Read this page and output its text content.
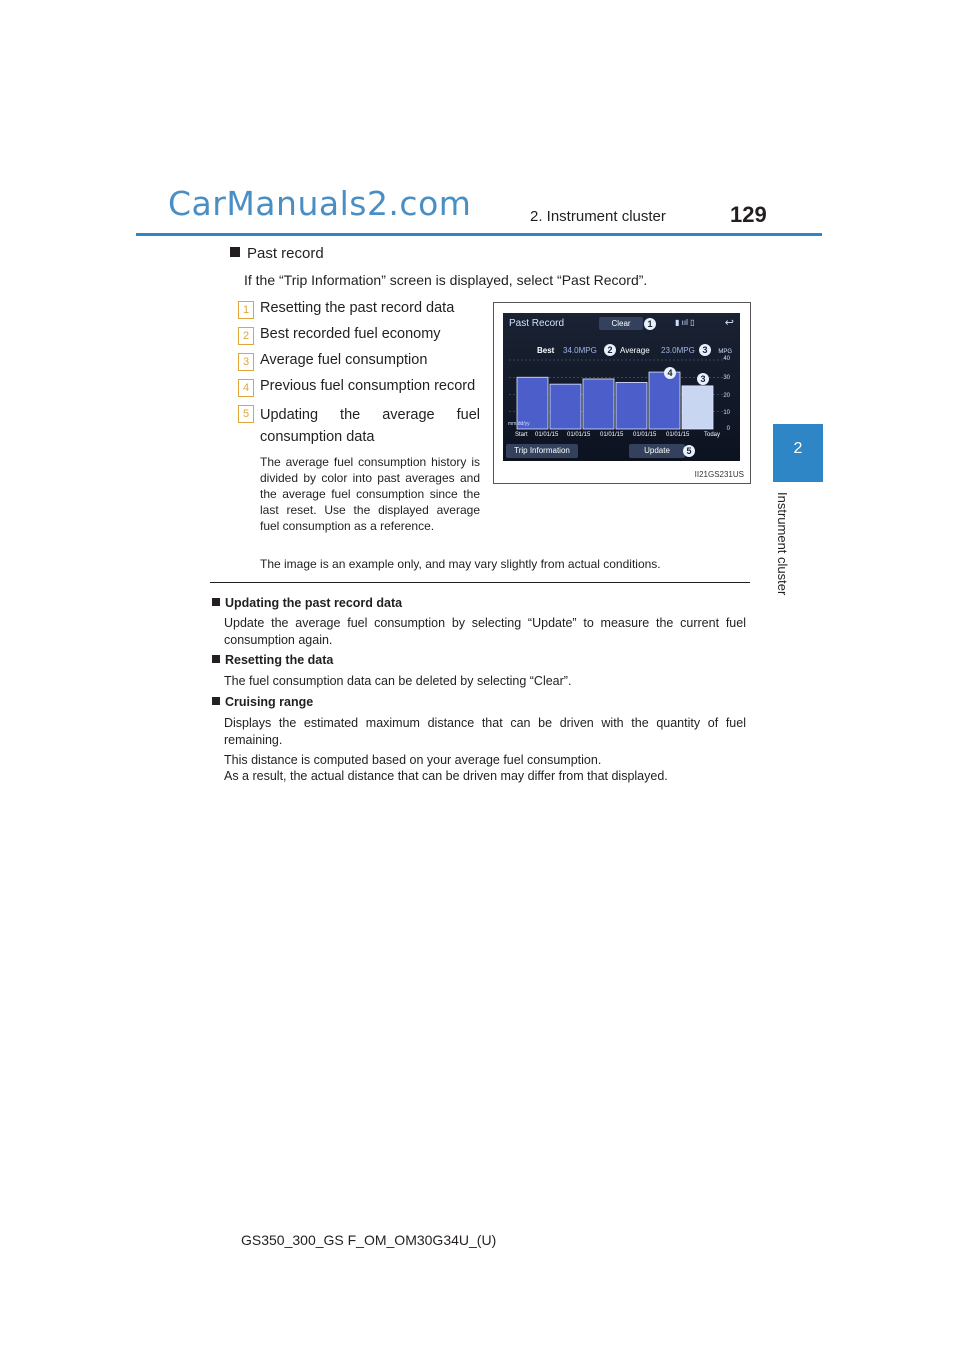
CarManuals2.com	2. Instrument cluster	129
2
Instrument cluster
Past record
If the “Trip Information” screen is displayed, select “Past Record”.
1 Resetting the past record data
2 Best recorded fuel economy
3 Average fuel consumption
4 Previous fuel consumption record
5 Updating the average fuel consumption data
The average fuel consumption history is divided by color into past averages and the average fuel consumption since the last reset. Use the displayed average fuel consumption as a reference.
The image is an example only, and may vary slightly from actual conditions.
Past Record	Clear	▮ ııl ▯	↩
Best 34.0MPG	Average 23.0MPG	MPG
40
30
20
10
0
mm/dd/yy
Start 01/01/15 01/01/15 01/01/15 01/01/15 01/01/15 Today
Trip Information	Update
1
2	3
4
3
5
II21GS231US
Updating the past record data
Update the average fuel consumption by selecting “Update” to measure the current fuel consumption again.
Resetting the data
The fuel consumption data can be deleted by selecting “Clear”.
Cruising range
Displays the estimated maximum distance that can be driven with the quantity of fuel remaining.
This distance is computed based on your average fuel consumption.
As a result, the actual distance that can be driven may differ from that displayed.
GS350_300_GS F_OM_OM30G34U_(U)
